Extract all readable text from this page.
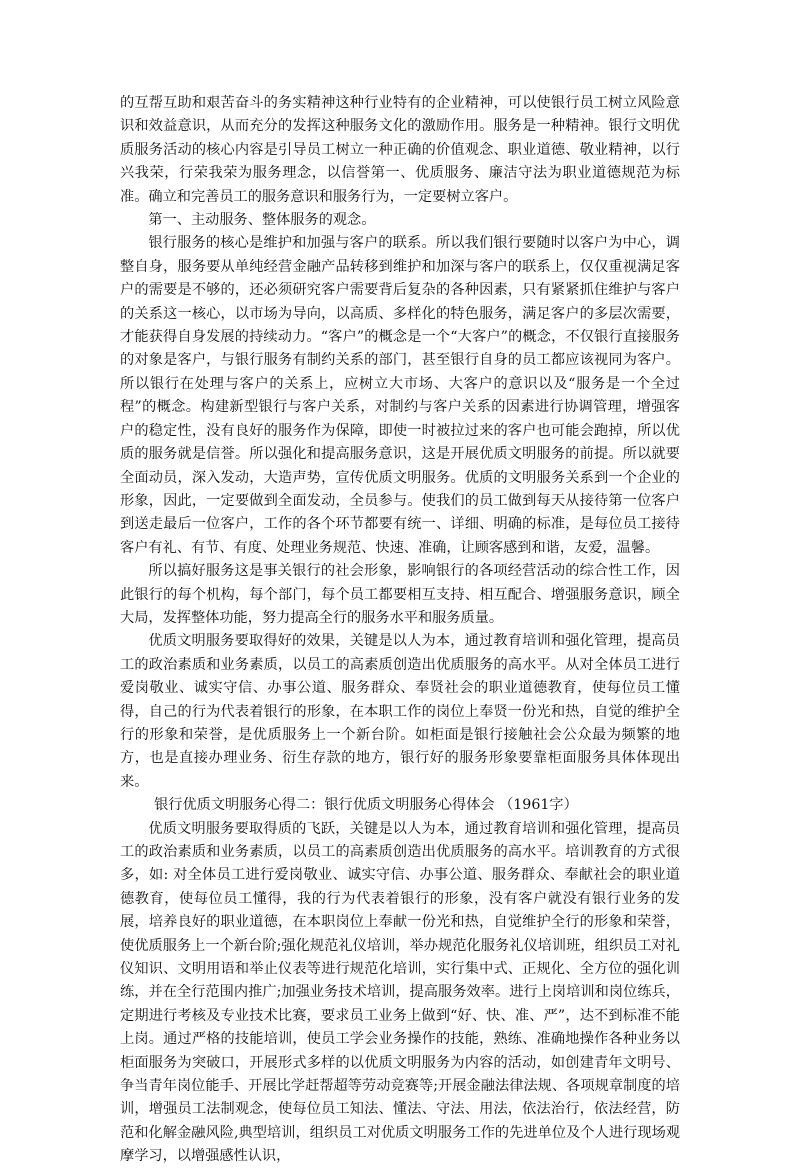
的互帮互助和艰苦奋斗的务实精神这种行业特有的企业精神，可以使银行员工树立风险意识和效益意识，从而充分的发挥这种服务文化的激励作用。服务是一种精神。银行文明优质服务活动的核心内容是引导员工树立一种正确的价值观念、职业道德、敬业精神，以行兴我荣，行荣我荣为服务理念，以信誉第一、优质服务、廉洁守法为职业道德规范为标准。确立和完善员工的服务意识和服务行为，一定要树立客户。

第一、主动服务、整体服务的观念。

银行服务的核心是维护和加强与客户的联系。所以我们银行要随时以客户为中心，调整自身，服务要从单纯经营金融产品转移到维护和加深与客户的联系上，仅仅重视满足客户的需要是不够的，还必须研究客户需要背后复杂的各种因素，只有紧紧抓住维护与客户的关系这一核心，以市场为导向，以高质、多样化的特色服务，满足客户的多层次需要，才能获得自身发展的持续动力。“客户”的概念是一个“大客户”的概念，不仅银行直接服务的对象是客户，与银行服务有制约关系的部门，甚至银行自身的员工都应该视同为客户。所以银行在处理与客户的关系上，应树立大市场、大客户的意识以及“服务是一个全过程”的概念。构建新型银行与客户关系，对制约与客户关系的因素进行协调管理，增强客户的稳定性，没有良好的服务作为保障，即使一时被拉过来的客户也可能会跑掉，所以优质的服务就是信誉。所以强化和提高服务意识，这是开展优质文明服务的前提。所以就要全面动员，深入发动，大造声势，宣传优质文明服务。优质的文明服务关系到一个企业的形象，因此，一定要做到全面发动，全员参与。使我们的员工做到每天从接待第一位客户到送走最后一位客户，工作的各个环节都要有统一、详细、明确的标准，是每位员工接待客户有礼、有节、有度、处理业务规范、快速、准确，让顾客感到和谐，友爱，温馨。

所以搞好服务这是事关银行的社会形象，影响银行的各项经营活动的综合性工作，因此银行的每个机构，每个部门，每个员工都要相互支持、相互配合、增强服务意识，顾全大局，发挥整体功能，努力提高全行的服务水平和服务质量。

优质文明服务要取得好的效果，关键是以人为本，通过教育培训和强化管理，提高员工的政治素质和业务素质，以员工的高素质创造出优质服务的高水平。从对全体员工进行爱岗敬业、诚实守信、办事公道、服务群众、奉贤社会的职业道德教育，使每位员工懂得，自己的行为代表着银行的形象，在本职工作的岗位上奉贤一份光和热，自觉的维护全行的形象和荣誉，是优质服务上一个新台阶。如柜面是银行接触社会公众最为频繁的地方，也是直接办理业务、衍生存款的地方，银行好的服务形象要靠柜面服务具体体现出来。

银行优质文明服务心得二：银行优质文明服务心得体会 （1961字）

优质文明服务要取得质的飞跃，关键是以人为本，通过教育培训和强化管理，提高员工的政治素质和业务素质，以员工的高素质创造出优质服务的高水平。培训教育的方式很多，如: 对全体员工进行爱岗敬业、诚实守信、办事公道、服务群众、奉献社会的职业道德教育，使每位员工懂得，我的行为代表着银行的形象，没有客户就没有银行业务的发展，培养良好的职业道德，在本职岗位上奉献一份光和热，自觉维护全行的形象和荣誉，使优质服务上一个新台阶;强化规范礼仪培训，举办规范化服务礼仪培训班，组织员工对礼仪知识、文明用语和举止仪表等进行规范化培训，实行集中式、正规化、全方位的强化训练，并在全行范围内推广;加强业务技术培训，提高服务效率。进行上岗培训和岗位练兵，定期进行考核及专业技术比赛，要求员工业务上做到“好、快、准、严”，达不到标准不能上岗。通过严格的技能培训，使员工学会业务操作的技能，熟练、准确地操作各种业务以柜面服务为突破口，开展形式多样的以优质文明服务为内容的活动，如创建青年文明号、争当青年岗位能手、开展比学赶帮超等劳动竞赛等;开展金融法律法规、各项规章制度的培训，增强员工法制观念，使每位员工知法、懂法、守法、用法，依法治行，依法经营，防范和化解金融风险,典型培训，组织员工对优质文明服务工作的先进单位及个人进行现场观摩学习，以增强感性认识，
